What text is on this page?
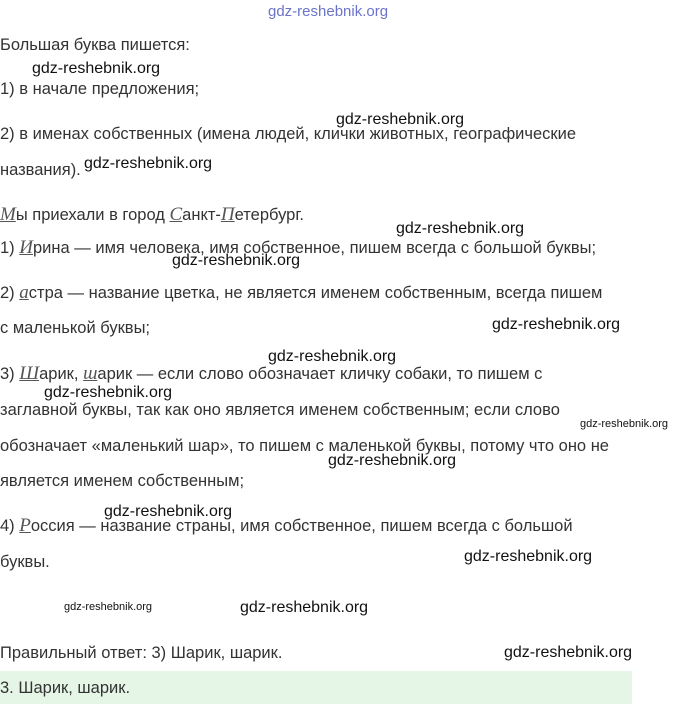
gdz-reshebnik.org
Большая буква пишется:
1) в начале предложения;
2) в именах собственных (имена людей, клички животных, географические
названия).
Мы приехали в город Санкт-Петербург.
1) Ирина — имя человека, имя собственное, пишем всегда с большой буквы;
2) астра — название цветка, не является именем собственным, всегда пишем
с маленькой буквы;
3) Шарик, шарик — если слово обозначает кличку собаки, то пишем с
заглавной буквы, так как оно является именем собственным; если слово
обозначает «маленький шар», то пишем с маленькой буквы, потому что оно не
является именем собственным;
4) Россия — название страны, имя собственное, пишем всегда с большой
буквы.
Правильный ответ: 3) Шарик, шарик.
3. Шарик, шарик.
gdz-reshebnik.org
gdz-reshebnik.org
gdz-reshebnik.org
gdz-reshebnik.org
gdz-reshebnik.org
gdz-reshebnik.org
gdz-reshebnik.org
gdz-reshebnik.org
gdz-reshebnik.org
gdz-reshebnik.org
gdz-reshebnik.org
gdz-reshebnik.org
gdz-reshebnik.org	gdz-reshebnik.org
gdz-reshebnik.org
